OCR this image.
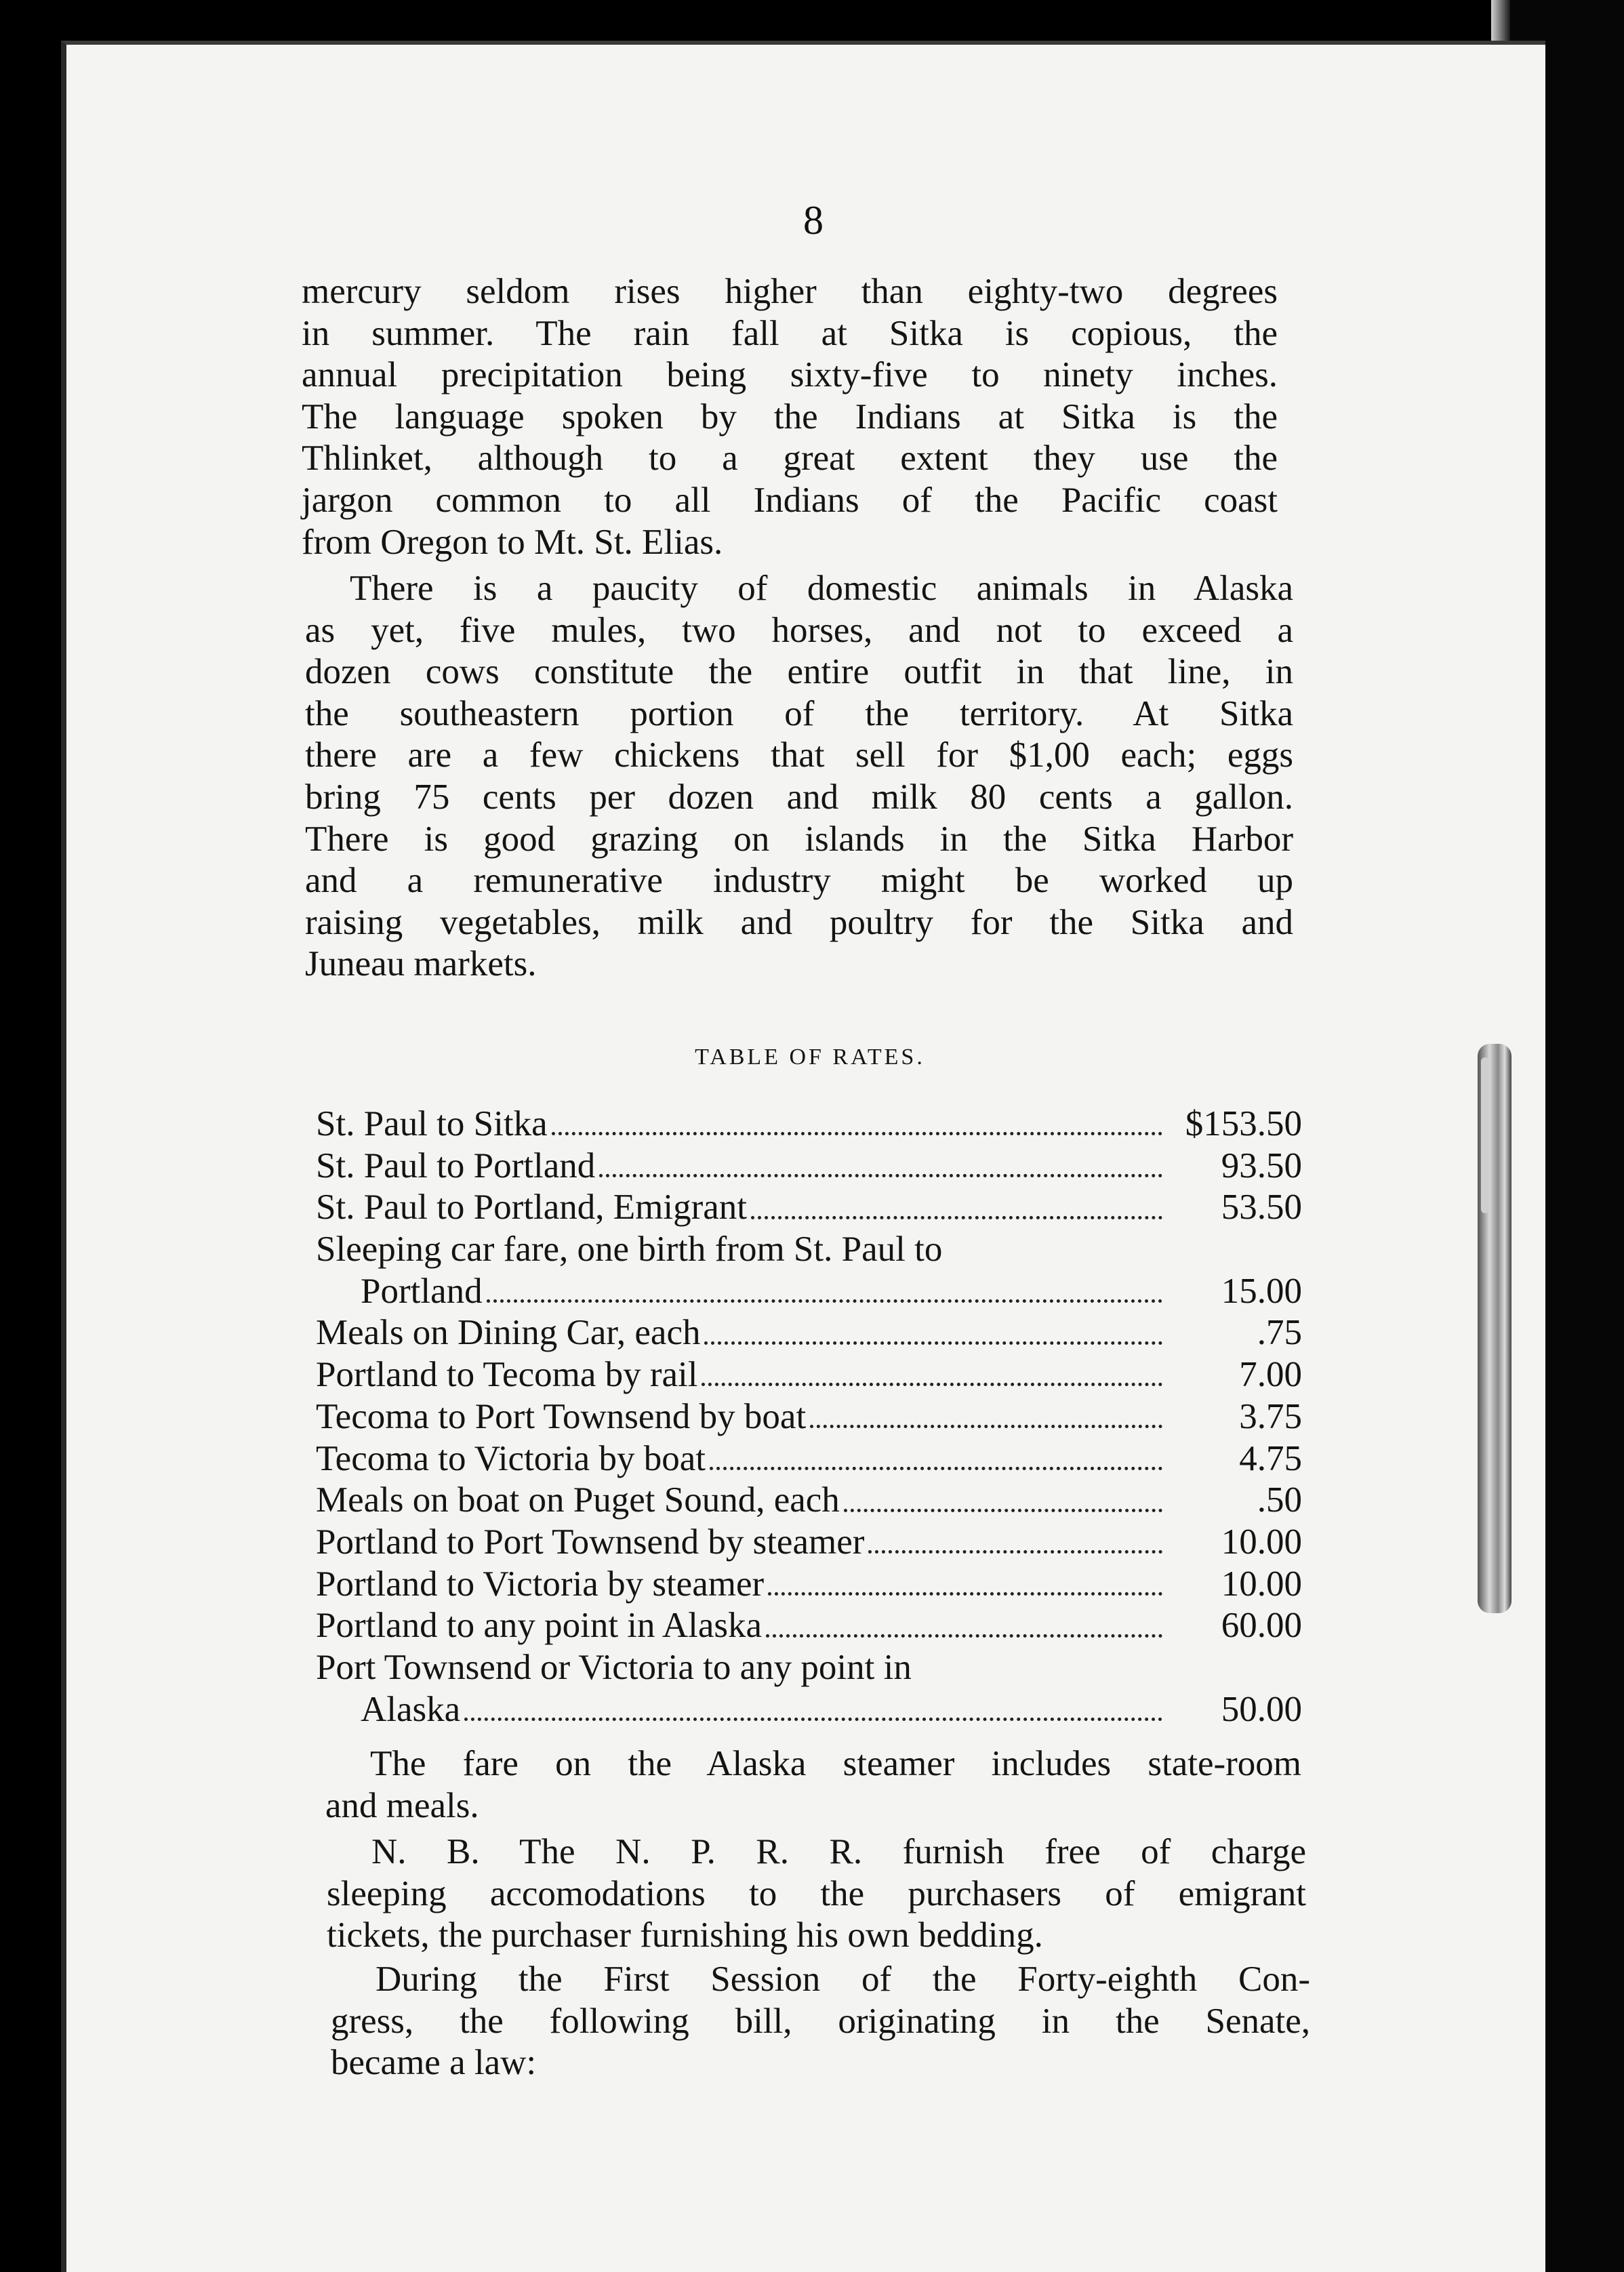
8
mercury seldom rises higher than eighty-two degrees
in summer. The rain fall at Sitka is copious, the
annual precipitation being sixty-five to ninety inches.
The language spoken by the Indians at Sitka is the
Thlinket, although to a great extent they use the
jargon common to all Indians of the Pacific coast
from Oregon to Mt. St. Elias.
There is a paucity of domestic animals in Alaska
as yet, five mules, two horses, and not to exceed a
dozen cows constitute the entire outfit in that line, in
the southeastern portion of the territory. At Sitka
there are a few chickens that sell for $1,00 each; eggs
bring 75 cents per dozen and milk 80 cents a gallon.
There is good grazing on islands in the Sitka Harbor
and a remunerative industry might be worked up
raising vegetables, milk and poultry for the Sitka and
Juneau markets.
TABLE OF RATES.
St. Paul to Sitka	$153.50
St. Paul to Portland	93.50
St. Paul to Portland, Emigrant	53.50
Sleeping car fare, one birth from St. Paul to
Portland	15.00
Meals on Dining Car, each	.75
Portland to Tecoma by rail	7.00
Tecoma to Port Townsend by boat	3.75
Tecoma to Victoria by boat	4.75
Meals on boat on Puget Sound, each	.50
Portland to Port Townsend by steamer	10.00
Portland to Victoria by steamer	10.00
Portland to any point in Alaska	60.00
Port Townsend or Victoria to any point in
Alaska	50.00
The fare on the Alaska steamer includes state-room
and meals.
N. B. The N. P. R. R. furnish free of charge
sleeping accomodations to the purchasers of emigrant
tickets, the purchaser furnishing his own bedding.
During the First Session of the Forty-eighth Con-
gress, the following bill, originating in the Senate,
became a law:
